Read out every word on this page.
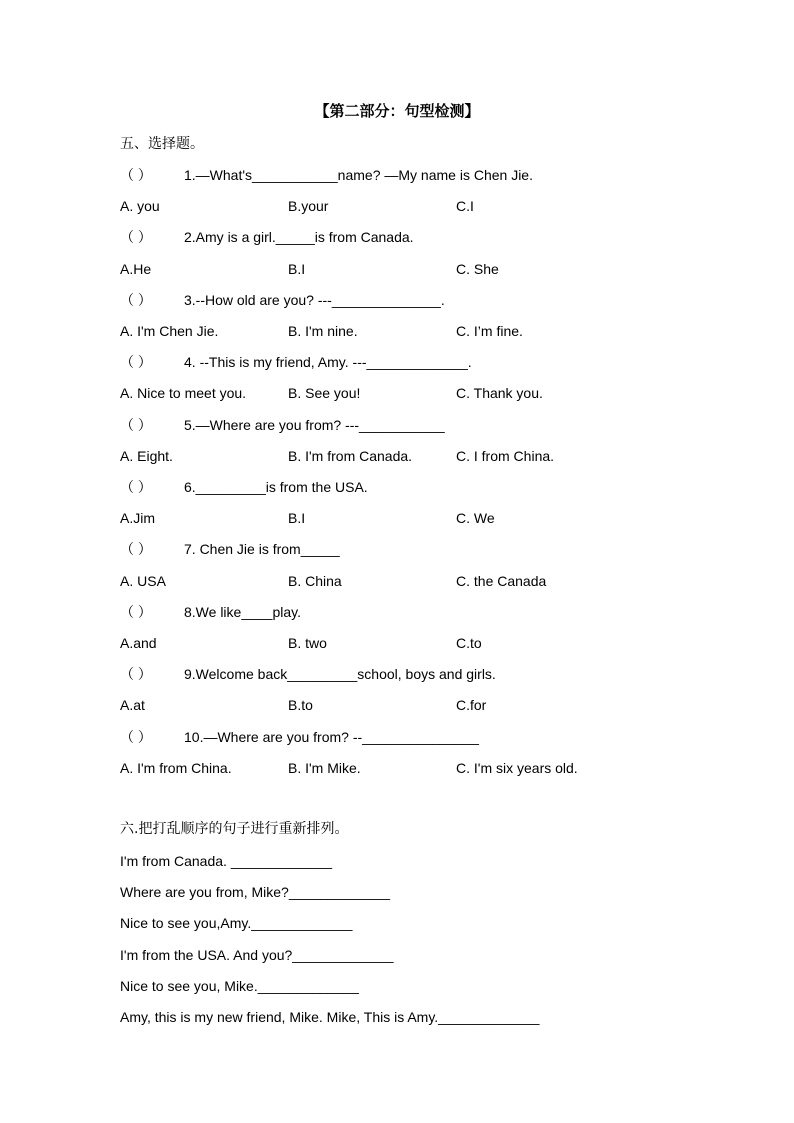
【第二部分：句型检测】
五、选择题。
（ ） 1.—What's___________name? —My name is Chen Jie.
A. you	B.your	C.I
（ ） 2.Amy is a girl._____is from Canada.
A.He	B.I	C. She
（ ） 3.--How old are you? ---______________.
A. I'm Chen Jie.	B. I'm nine.	C. I’m fine.
（ ） 4. --This is my friend, Amy. ---_____________.
A. Nice to meet you.	B. See you!	C. Thank you.
（ ） 5.—Where are you from? ---___________
A. Eight.	B. I'm from Canada.	C. I from China.
（ ） 6._________is from the USA.
A.Jim	B.I	C. We
（ ） 7. Chen Jie is from_____
A. USA	B. China	C. the Canada
（ ） 8.We like____play.
A.and	B. two	C.to
（ ） 9.Welcome back_________school, boys and girls.
A.at	B.to	C.for
（ ） 10.—Where are you from? --_______________
A. I'm from China.	B. I'm Mike.	C. I'm six years old.
六.把打乱顺序的句子进行重新排列。
I'm from Canada. _____________
Where are you from, Mike?_____________
Nice to see you,Amy._____________
I'm from the USA. And you?_____________
Nice to see you, Mike._____________
Amy, this is my new friend, Mike. Mike, This is Amy._____________
